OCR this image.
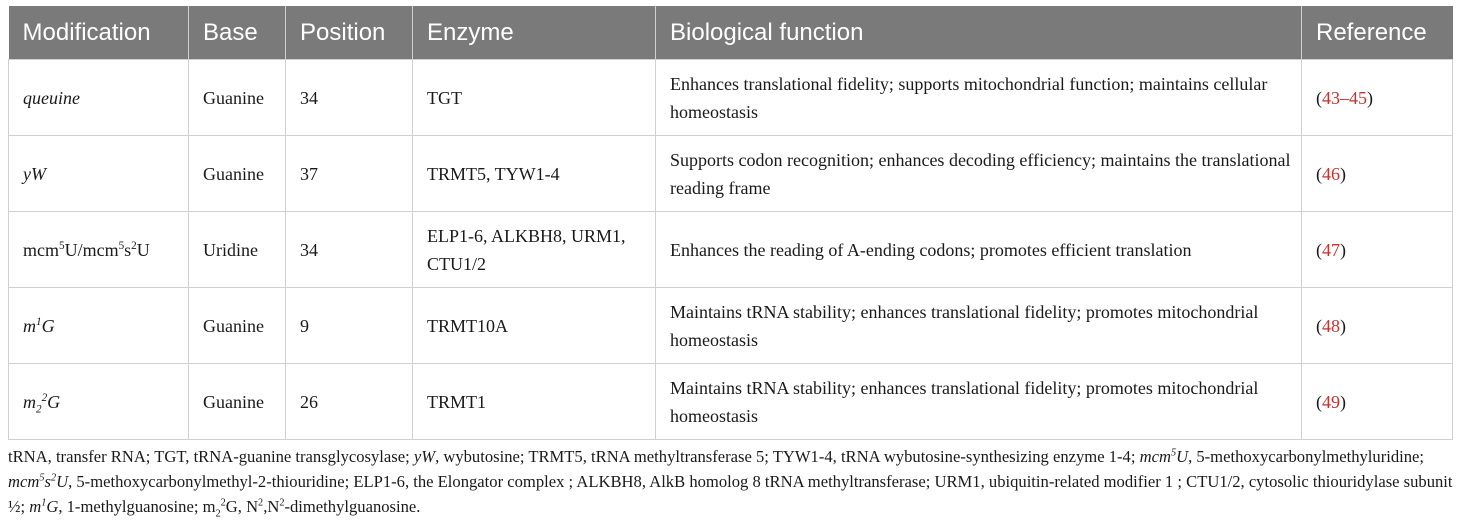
Modification	Base	Position	Enzyme	Biological function	Reference
queuine	Guanine	34	TGT	Enhances translational fidelity; supports mitochondrial function; maintains cellular homeostasis	(43–45)
yW	Guanine	37	TRMT5, TYW1-4	Supports codon recognition; enhances decoding efficiency; maintains the translational reading frame	(46)
$mcm^5U/mcm^5s^2U$	Uridine	34	ELP1-6, ALKBH8, URM1, CTU1/2	Enhances the reading of A-ending codons; promotes efficient translation	(47)
$m^1G$	Guanine	9	TRMT10A	Maintains tRNA stability; enhances translational fidelity; promotes mitochondrial homeostasis	(48)
$m_2^2G$	Guanine	26	TRMT1	Maintains tRNA stability; enhances translational fidelity; promotes mitochondrial homeostasis	(49)
tRNA, transfer RNA; TGT, tRNA-guanine transglycosylase; yW, wybutosine; TRMT5, tRNA methyltransferase 5; TYW1-4, tRNA wybutosine-synthesizing enzyme 1-4; mcm$^5$U, 5-methoxycarbonylmethyluridine; $mcm^5s^2U$, 5-methoxycarbonylmethyl-2-thiouridine; ELP1-6, the Elongator complex ; ALKBH8, AlkB homolog 8 tRNA methyltransferase; URM1, ubiquitin-related modifier 1 ; CTU1/2, cytosolic thiouridylase subunit ½; $m^1G$, 1-methylguanosine; $m_2^2G$, $N^2,N^2$-dimethylguanosine.
